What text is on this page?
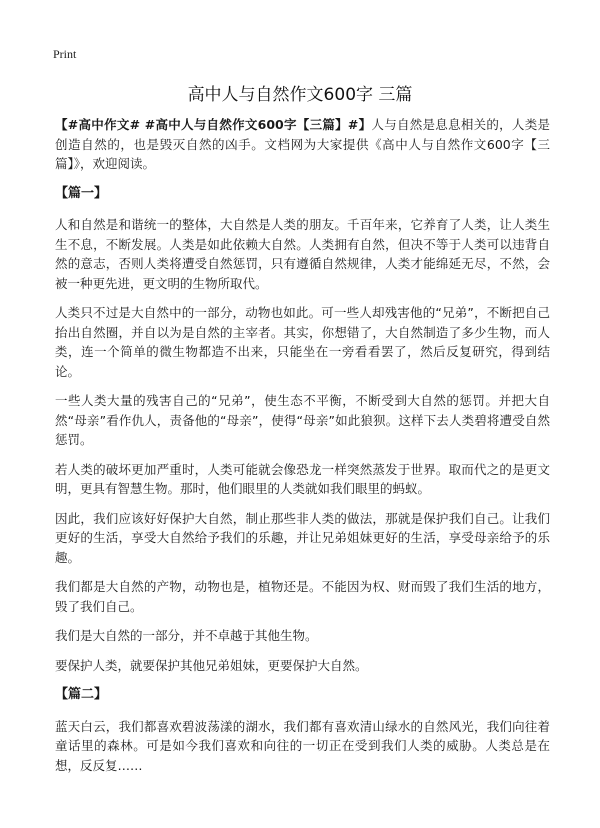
Print
高中人与自然作文600字 三篇

【#高中作文# #高中人与自然作文600字【三篇】#】人与自然是息息相关的，人类是创造自然的，也是毁灭自然的凶手。文档网为大家提供《高中人与自然作文600字【三篇】》，欢迎阅读。

【篇一】

人和自然是和谐统一的整体，大自然是人类的朋友。千百年来，它养育了人类，让人类生生不息，不断发展。人类是如此依赖大自然。人类拥有自然，但决不等于人类可以违背自然的意志，否则人类将遭受自然惩罚，只有遵循自然规律，人类才能绵延无尽，不然，会被一种更先进，更文明的生物所取代。

人类只不过是大自然中的一部分，动物也如此。可一些人却残害他的“兄弟”，不断把自己抬出自然圈，并自以为是自然的主宰者。其实，你想错了，大自然制造了多少生物，而人类，连一个简单的微生物都造不出来，只能坐在一旁看看罢了，然后反复研究，得到结论。

一些人类大量的残害自己的“兄弟”，使生态不平衡，不断受到大自然的惩罚。并把大自然“母亲”看作仇人，责备他的“母亲”，使得“母亲”如此狼狈。这样下去人类碧将遭受自然惩罚。

若人类的破坏更加严重时，人类可能就会像恐龙一样突然蒸发于世界。取而代之的是更文明，更具有智慧生物。那时，他们眼里的人类就如我们眼里的蚂蚁。

因此，我们应该好好保护大自然，制止那些非人类的做法，那就是保护我们自己。让我们更好的生活，享受大自然给予我们的乐趣，并让兄弟姐妹更好的生活，享受母亲给予的乐趣。

我们都是大自然的产物，动物也是，植物还是。不能因为权、财而毁了我们生活的地方，毁了我们自己。

我们是大自然的一部分，并不卓越于其他生物。

要保护人类，就要保护其他兄弟姐妹，更要保护大自然。

【篇二】

蓝天白云，我们都喜欢碧波荡漾的湖水，我们都有喜欢清山绿水的自然风光，我们向往着童话里的森林。可是如今我们喜欢和向往的一切正在受到我们人类的威胁。人类总是在想，反反复……
